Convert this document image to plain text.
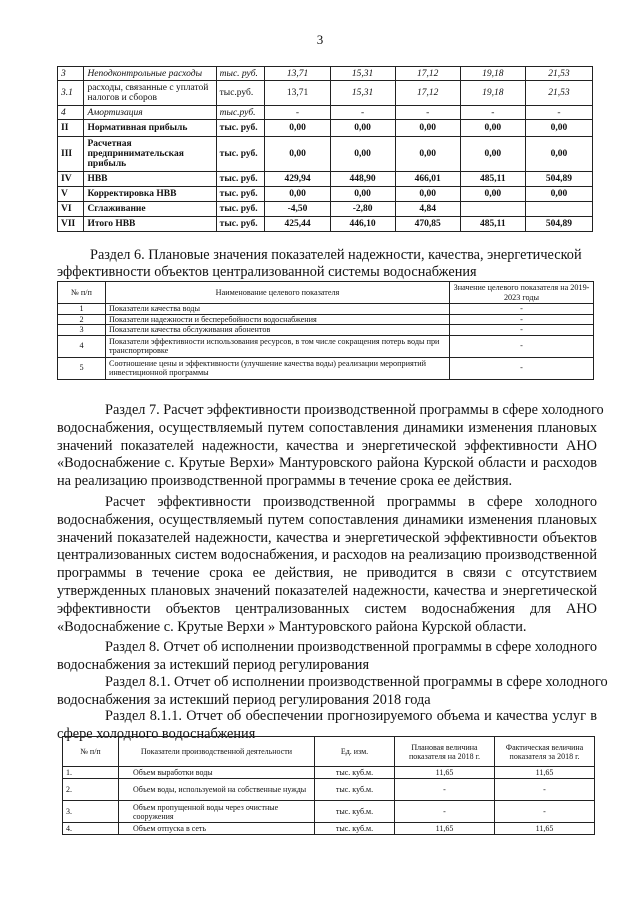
3
3	Неподконтрольные расходы	тыс. руб.	13,71	15,31	17,12	19,18	21,53
3.1	расходы, связанные с уплатой налогов и сборов	тыс.руб.	13,71	15,31	17,12	19,18	21,53
4	Амортизация	тыс.руб.	-	-	-	-	-
II	Нормативная прибыль	тыс. руб.	0,00	0,00	0,00	0,00	0,00
III	Расчетная предпринимательская прибыль	тыс. руб.	0,00	0,00	0,00	0,00	0,00
IV	НВВ	тыс. руб.	429,94	448,90	466,01	485,11	504,89
V	Корректировка НВВ	тыс. руб.	0,00	0,00	0,00	0,00	0,00
VI	Сглаживание	тыс. руб.	-4,50	-2,80	4,84		
VII	Итого НВВ	тыс. руб.	425,44	446,10	470,85	485,11	504,89
Раздел 6. Плановые значения показателей надежности, качества, энергетической
эффективности объектов централизованной системы водоснабжения
№ п/п	Наименование целевого показателя	Значение целевого показателя на 2019-2023 годы
1	Показатели качества воды	-
2	Показатели надежности и бесперебойности водоснабжения	-
3	Показатели качества обслуживания абонентов	-
4	Показатели эффективности использования ресурсов, в том числе сокращения потерь воды при транспортировке	-
5	Соотношение цены и эффективности (улучшение качества воды) реализации мероприятий инвестиционной программы	-
Раздел 7. Расчет эффективности производственной программы в сфере холодного
водоснабжения, осуществляемый путем сопоставления динамики изменения плановых
значений показателей надежности, качества и энергетической эффективности АНО
«Водоснабжение с. Крутые Верхи» Мантуровского района Курской области и расходов
на реализацию производственной программы в течение срока ее действия.
Расчет эффективности производственной программы в сфере холодного
водоснабжения, осуществляемый путем сопоставления динамики изменения плановых
значений показателей надежности, качества и энергетической эффективности объектов
централизованных систем водоснабжения, и расходов на реализацию производственной
программы в течение срока ее действия, не приводится в связи с отсутствием
утвержденных плановых значений показателей надежности, качества и энергетической
эффективности объектов централизованных систем водоснабжения для АНО
«Водоснабжение с. Крутые Верхи » Мантуровского района Курской области.
Раздел 8. Отчет об исполнении производственной программы в сфере холодного
водоснабжения за истекший период регулирования
Раздел 8.1. Отчет об исполнении производственной программы в сфере холодного
водоснабжения за истекший период регулирования 2018 года
Раздел 8.1.1. Отчет об обеспечении прогнозируемого объема и качества услуг в
сфере холодного водоснабжения
№ п/п	Показатели производственной деятельности	Ед. изм.	Плановая величина показателя на 2018 г.	Фактическая величина показателя за 2018 г.
1.	Объем выработки воды	тыс. куб.м.	11,65	11,65
2.	Объем воды, используемой на собственные нужды	тыс. куб.м.	-	-
3.	Объем пропущенной воды через очистные сооружения	тыс. куб.м.	-	-
4.	Объем отпуска в сеть	тыс. куб.м.	11,65	11,65
